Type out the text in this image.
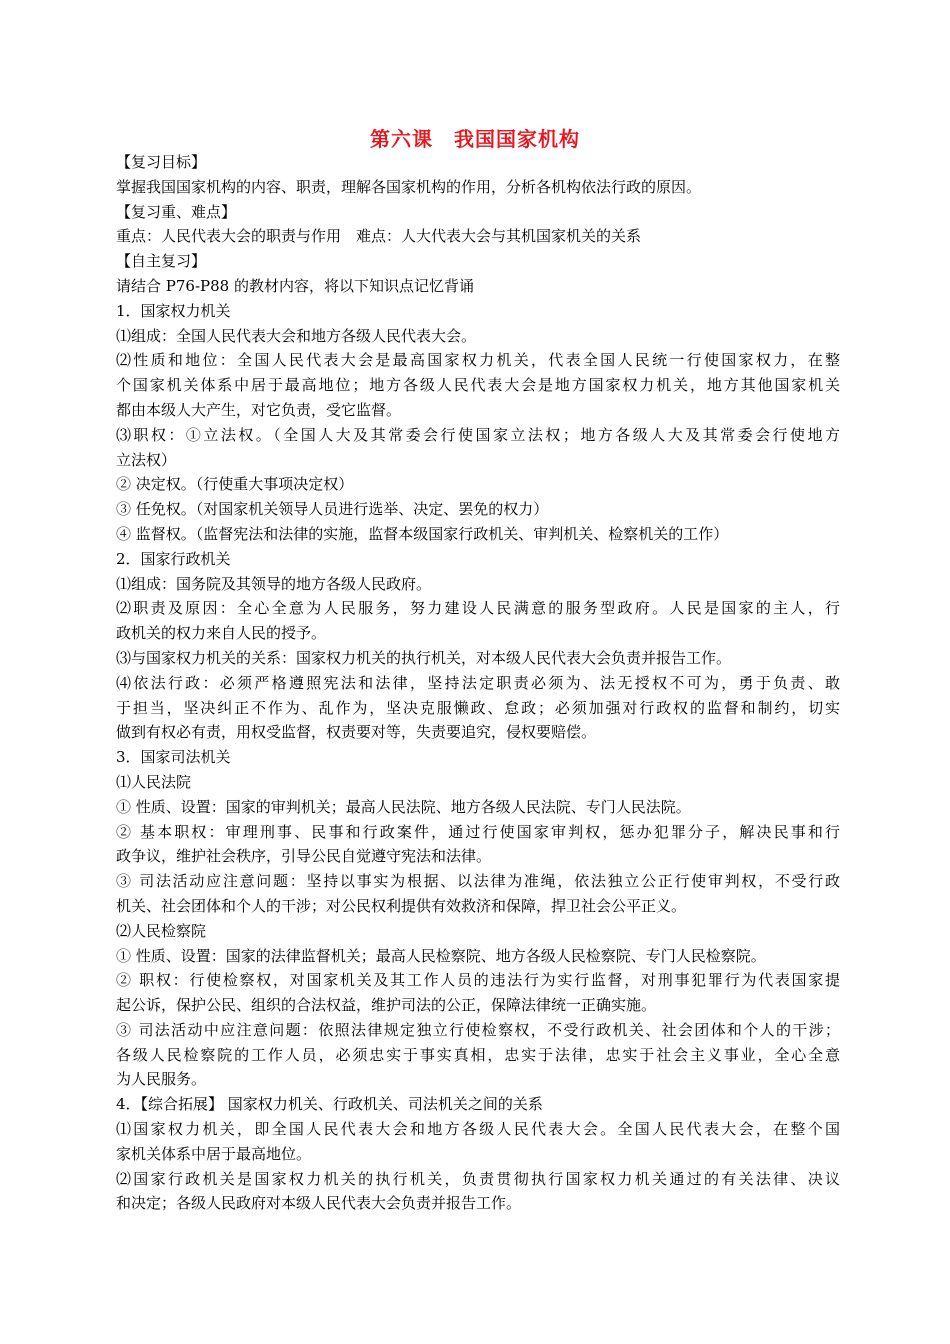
第六课　我国国家机构
【复习目标】
掌握我国国家机构的内容、职责，理解各国家机构的作用，分析各机构依法行政的原因。
【复习重、难点】
重点：人民代表大会的职责与作用　难点：人大代表大会与其机国家机关的关系
【自主复习】
请结合 P76-P88 的教材内容，将以下知识点记忆背诵
1．国家权力机关
⑴组成：全国人民代表大会和地方各级人民代表大会。
⑵性质和地位：全国人民代表大会是最高国家权力机关，代表全国人民统一行使国家权力，在整
个国家机关体系中居于最高地位；地方各级人民代表大会是地方国家权力机关，地方其他国家机关
都由本级人大产生，对它负责，受它监督。
⑶职权：①立法权。（全国人大及其常委会行使国家立法权；地方各级人大及其常委会行使地方
立法权）
② 决定权。（行使重大事项决定权）
③ 任免权。（对国家机关领导人员进行选举、决定、罢免的权力）
④ 监督权。（监督宪法和法律的实施，监督本级国家行政机关、审判机关、检察机关的工作）
2．国家行政机关
⑴组成：国务院及其领导的地方各级人民政府。
⑵职责及原因：全心全意为人民服务，努力建设人民满意的服务型政府。人民是国家的主人，行
政机关的权力来自人民的授予。
⑶与国家权力机关的关系：国家权力机关的执行机关，对本级人民代表大会负责并报告工作。
⑷依法行政：必须严格遵照宪法和法律，坚持法定职责必须为、法无授权不可为，勇于负责、敢
于担当，坚决纠正不作为、乱作为，坚决克服懒政、怠政；必须加强对行政权的监督和制约，切实
做到有权必有责，用权受监督，权责要对等，失责要追究，侵权要赔偿。
3．国家司法机关
⑴人民法院
① 性质、设置：国家的审判机关；最高人民法院、地方各级人民法院、专门人民法院。
② 基本职权：审理刑事、民事和行政案件，通过行使国家审判权，惩办犯罪分子，解决民事和行
政争议，维护社会秩序，引导公民自觉遵守宪法和法律。
③ 司法活动应注意问题：坚持以事实为根据、以法律为准绳，依法独立公正行使审判权，不受行政
机关、社会团体和个人的干涉；对公民权利提供有效救济和保障，捍卫社会公平正义。
⑵人民检察院
① 性质、设置：国家的法律监督机关；最高人民检察院、地方各级人民检察院、专门人民检察院。
② 职权：行使检察权，对国家机关及其工作人员的违法行为实行监督，对刑事犯罪行为代表国家提
起公诉，保护公民、组织的合法权益，维护司法的公正，保障法律统一正确实施。
③ 司法活动中应注意问题：依照法律规定独立行使检察权，不受行政机关、社会团体和个人的干涉；
各级人民检察院的工作人员，必须忠实于事实真相，忠实于法律，忠实于社会主义事业，全心全意
为人民服务。
4．【综合拓展】 国家权力机关、行政机关、司法机关之间的关系
⑴国家权力机关，即全国人民代表大会和地方各级人民代表大会。全国人民代表大会，在整个国
家机关体系中居于最高地位。
⑵国家行政机关是国家权力机关的执行机关，负责贯彻执行国家权力机关通过的有关法律、决议
和决定；各级人民政府对本级人民代表大会负责并报告工作。
